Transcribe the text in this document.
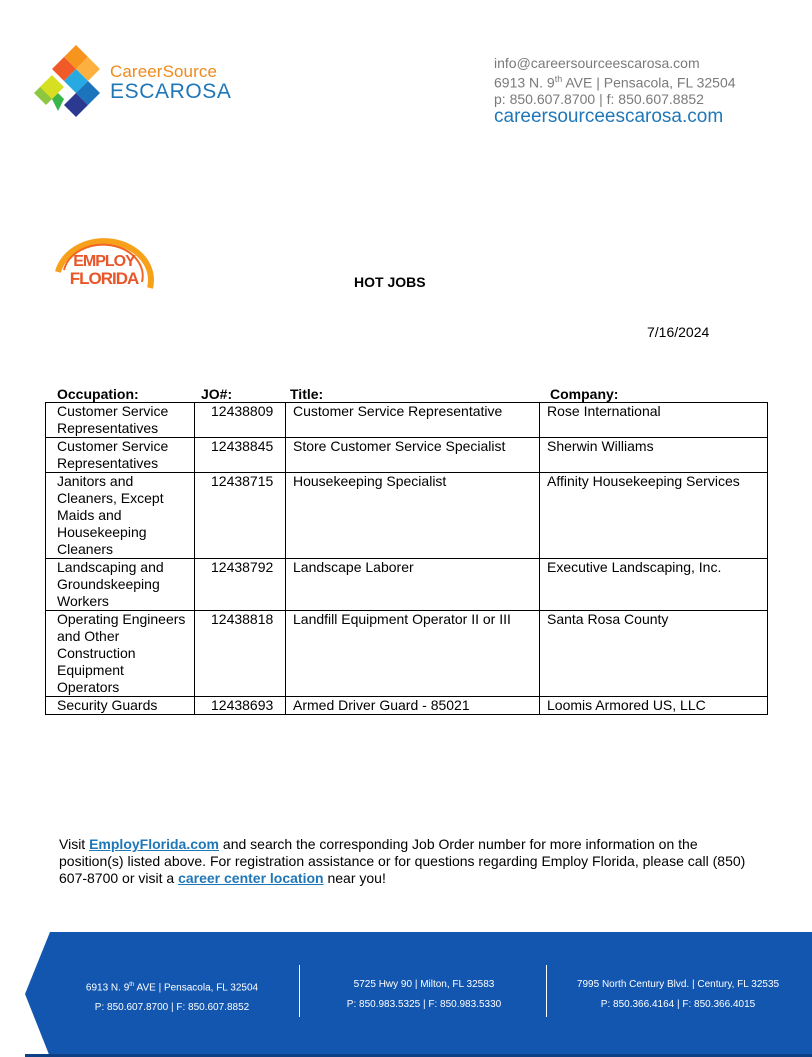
CareerSource
ESCAROSA
info@careersourceescarosa.com
6913 N. 9th AVE | Pensacola, FL 32504
p: 850.607.8700 | f: 850.607.8852
careersourceescarosa.com
EMPLOY
FLORIDA	HOT JOBS
7/16/2024
Occupation:	JO#:	Title:	Company:
Customer Service Representatives	12438809	Customer Service Representative	Rose International
Customer Service Representatives	12438845	Store Customer Service Specialist	Sherwin Williams
Janitors and Cleaners, Except Maids and Housekeeping Cleaners	12438715	Housekeeping Specialist	Affinity Housekeeping Services
Landscaping and Groundskeeping Workers	12438792	Landscape Laborer	Executive Landscaping, Inc.
Operating Engineers and Other Construction Equipment Operators	12438818	Landfill Equipment Operator II or III	Santa Rosa County
Security Guards	12438693	Armed Driver Guard - 85021	Loomis Armored US, LLC
Visit EmployFlorida.com and search the corresponding Job Order number for more information on the position(s) listed above. For registration assistance or for questions regarding Employ Florida, please call (850) 607-8700 or visit a career center location near you!
6913 N. 9th AVE | Pensacola, FL 32504
P: 850.607.8700 | F: 850.607.8852
5725 Hwy 90 | Milton, FL 32583
P: 850.983.5325 | F: 850.983.5330
7995 North Century Blvd. | Century, FL 32535
P: 850.366.4164 | F: 850.366.4015
